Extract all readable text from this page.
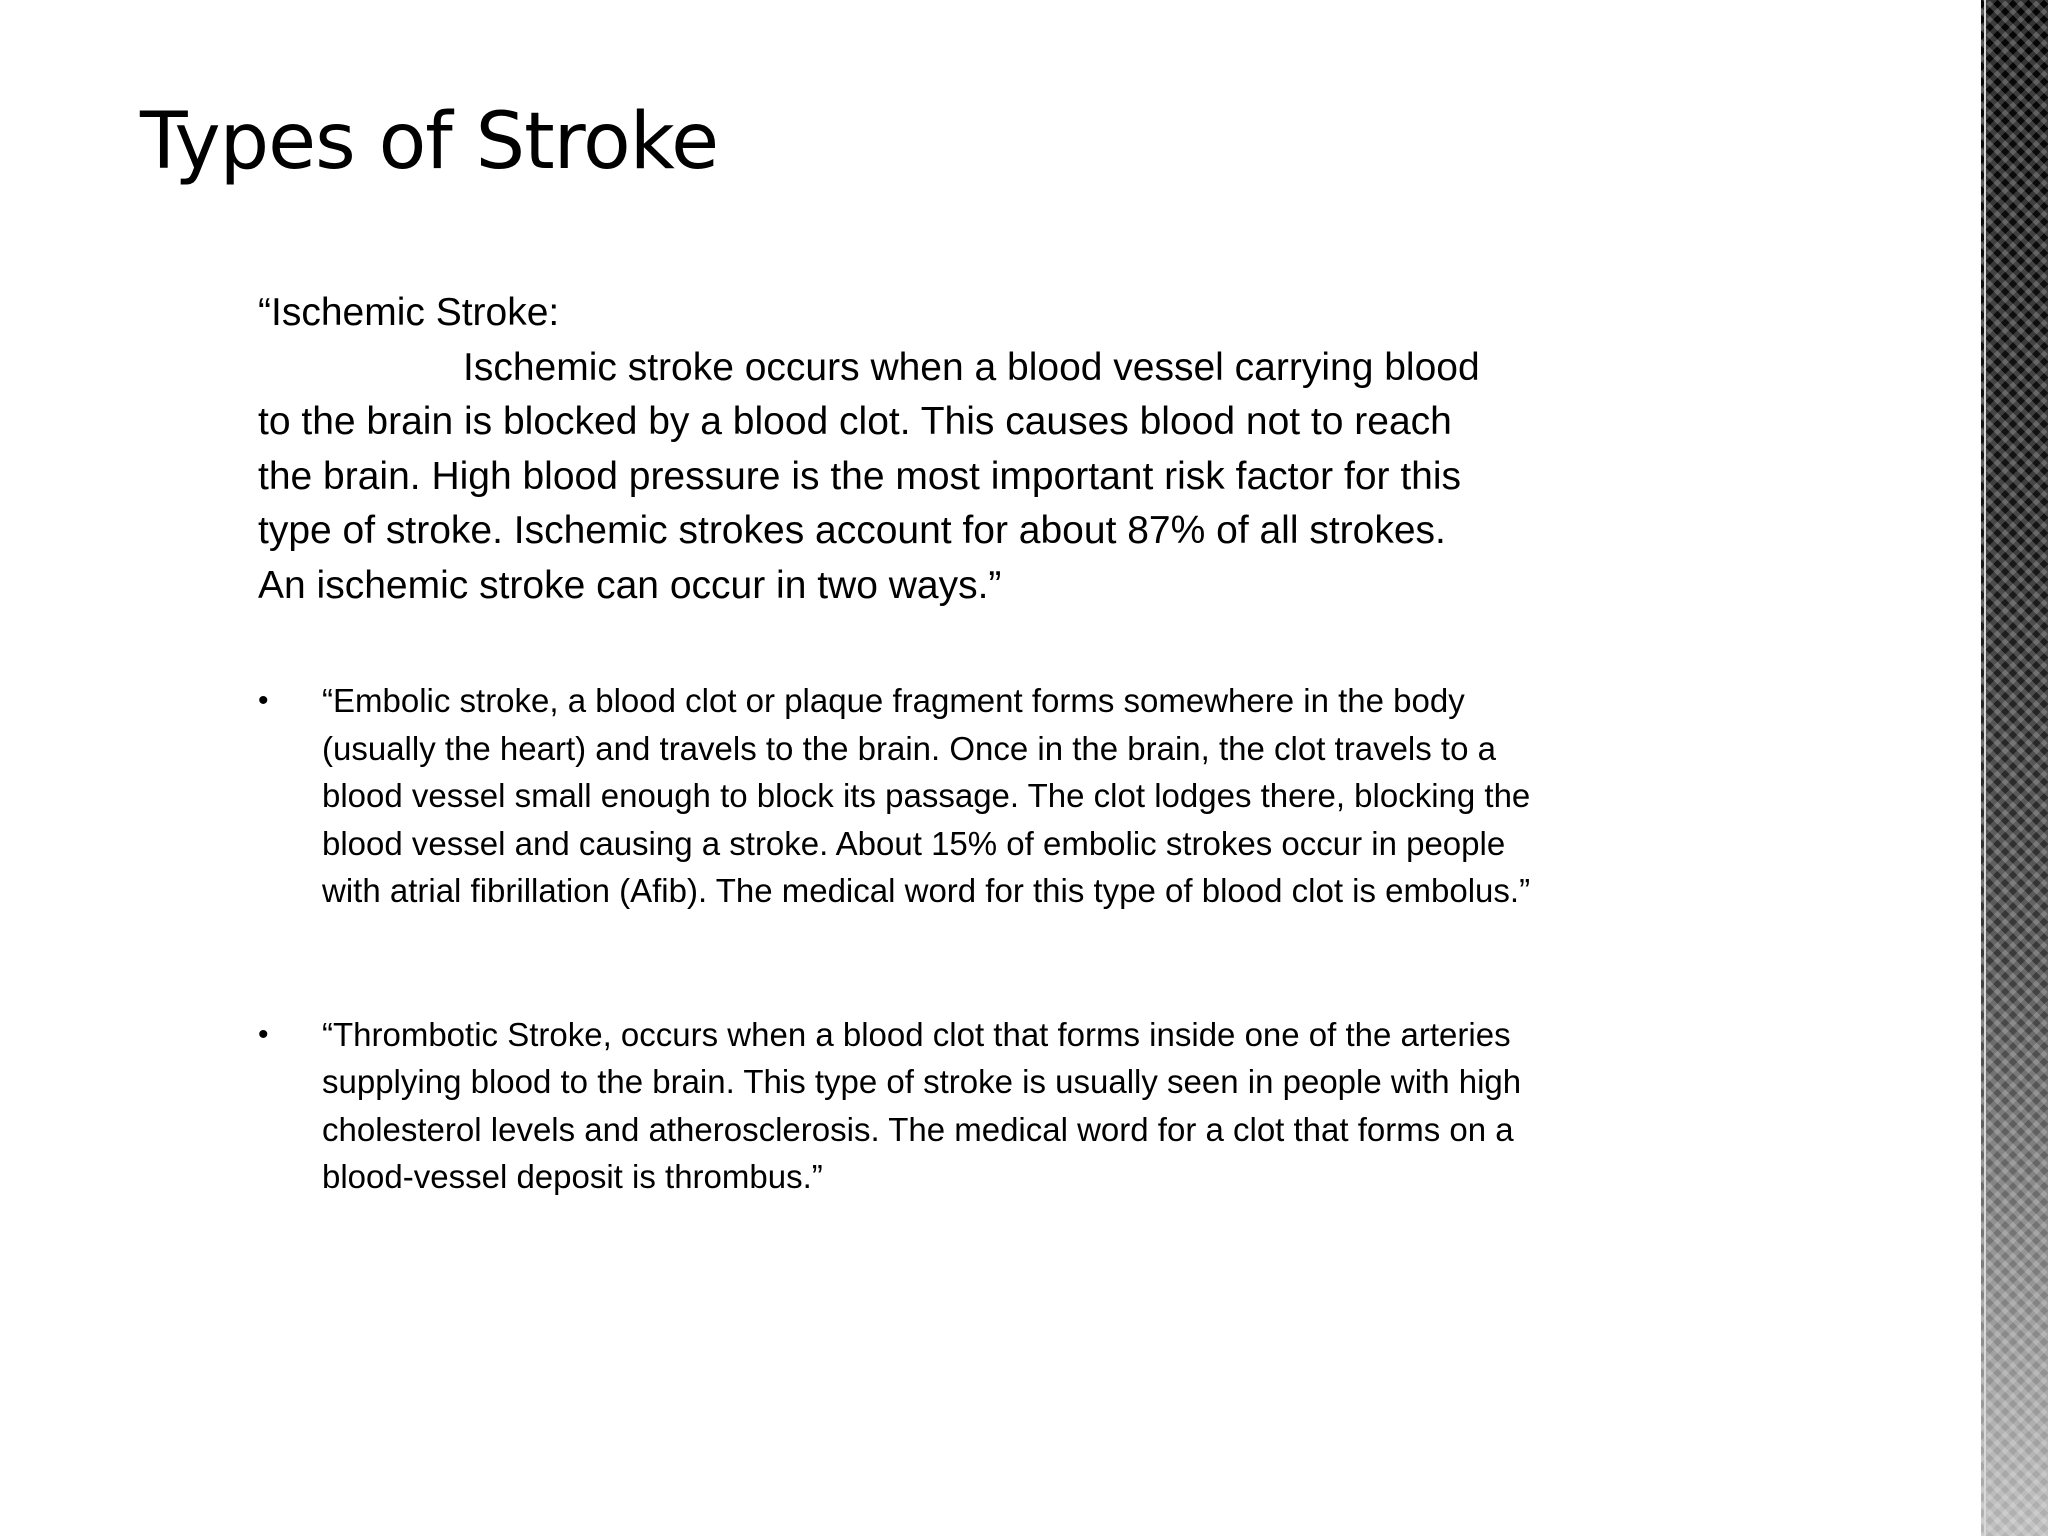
Types of Stroke

“Ischemic Stroke:
Ischemic stroke occurs when a blood vessel carrying blood to the brain is blocked by a blood clot. This causes blood not to reach the brain. High blood pressure is the most important risk factor for this type of stroke. Ischemic strokes account for about 87% of all strokes. An ischemic stroke can occur in two ways.”

•	“Embolic stroke, a blood clot or plaque fragment forms somewhere in the body (usually the heart) and travels to the brain. Once in the brain, the clot travels to a blood vessel small enough to block its passage. The clot lodges there, blocking the blood vessel and causing a stroke. About 15% of embolic strokes occur in people with atrial fibrillation (Afib). The medical word for this type of blood clot is embolus.”
•	“Thrombotic Stroke, occurs when a blood clot that forms inside one of the arteries supplying blood to the brain. This type of stroke is usually seen in people with high cholesterol levels and atherosclerosis. The medical word for a clot that forms on a blood-vessel deposit is thrombus.”
